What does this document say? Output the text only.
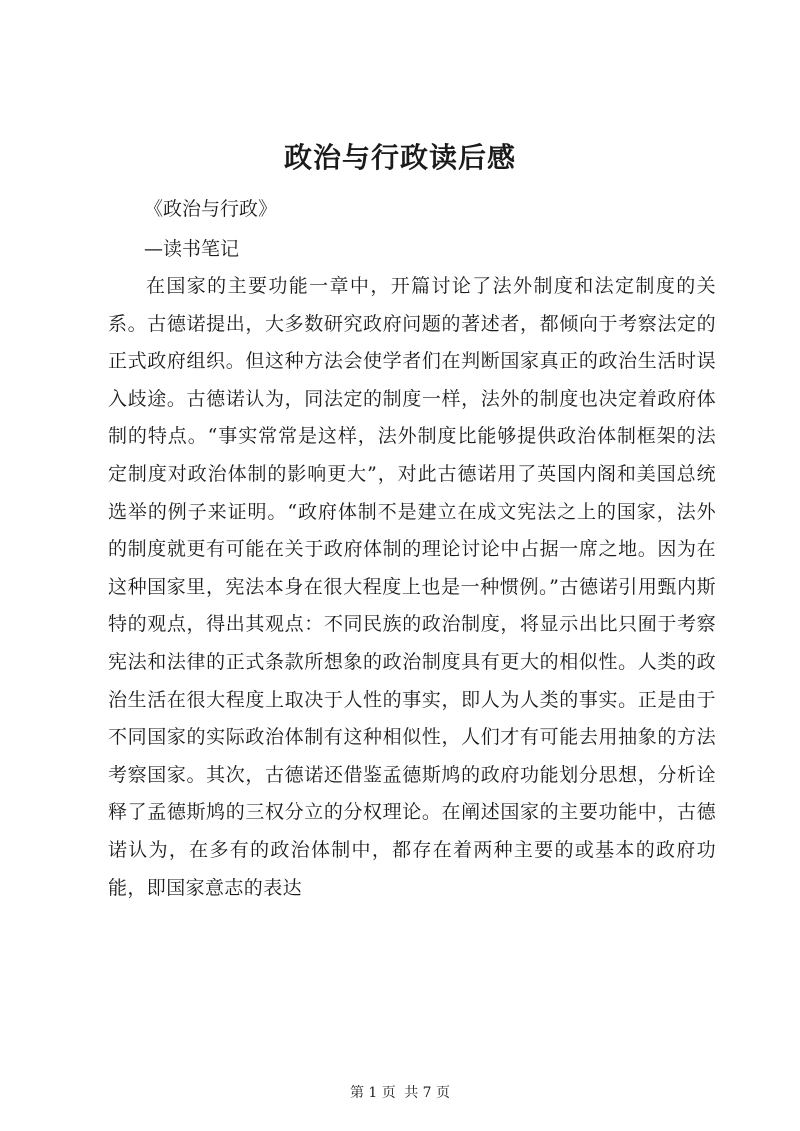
政治与行政读后感
《政治与行政》
—读书笔记

在国家的主要功能一章中，开篇讨论了法外制度和法定制度的关系。古德诺提出，大多数研究政府问题的著述者，都倾向于考察法定的正式政府组织。但这种方法会使学者们在判断国家真正的政治生活时误入歧途。古德诺认为，同法定的制度一样，法外的制度也决定着政府体制的特点。“事实常常是这样，法外制度比能够提供政治体制框架的法定制度对政治体制的影响更大”，对此古德诺用了英国内阁和美国总统选举的例子来证明。“政府体制不是建立在成文宪法之上的国家，法外的制度就更有可能在关于政府体制的理论讨论中占据一席之地。因为在这种国家里，宪法本身在很大程度上也是一种惯例。”古德诺引用甄内斯特的观点，得出其观点：不同民族的政治制度，将显示出比只囿于考察宪法和法律的正式条款所想象的政治制度具有更大的相似性。人类的政治生活在很大程度上取决于人性的事实，即人为人类的事实。正是由于不同国家的实际政治体制有这种相似性，人们才有可能去用抽象的方法考察国家。其次，古德诺还借鉴孟德斯鸠的政府功能划分思想，分析诠释了孟德斯鸠的三权分立的分权理论。在阐述国家的主要功能中，古德诺认为，在多有的政治体制中，都存在着两种主要的或基本的政府功能，即国家意志的表达

第 1 页 共 7 页
